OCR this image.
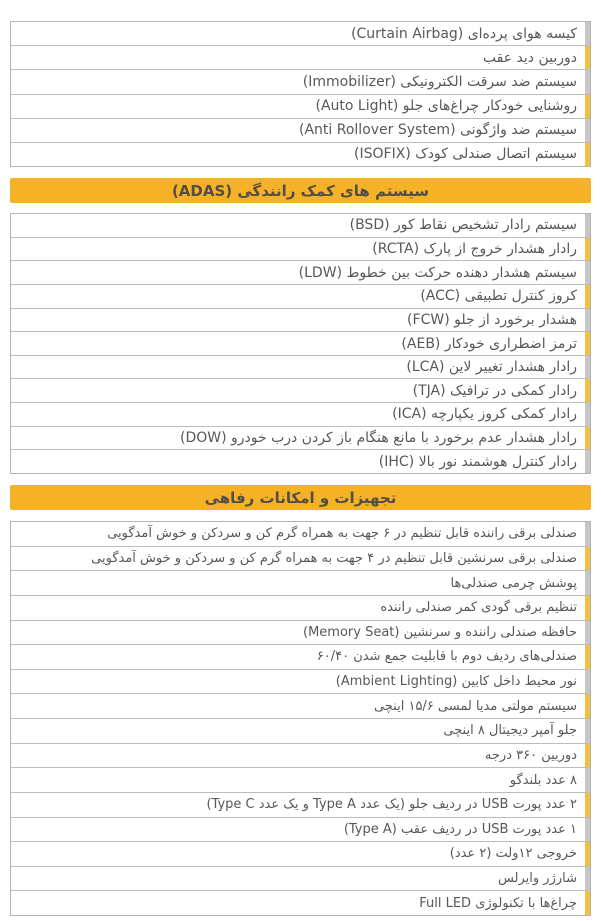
کیسه هوای پرده‌ای (Curtain Airbag)
دوربین دید عقب
سیستم ضد سرقت الکترونیکی (Immobilizer)
روشنایی خودکار چراغ‌های جلو (Auto Light)
سیستم ضد واژگونی (Anti Rollover System)
سیستم اتصال صندلی کودک (ISOFIX)
سیستم های کمک رانندگی (ADAS)
سیستم رادار تشخیص نقاط کور (BSD)
رادار هشدار خروج از پارک (RCTA)
سیستم هشدار دهنده حرکت بین خطوط (LDW)
کروز کنترل تطبیقی (ACC)
هشدار برخورد از جلو (FCW)
ترمز اضطراری خودکار (AEB)
رادار هشدار تغییر لاین (LCA)
رادار کمکی در ترافیک (TJA)
رادار کمکی کروز یکپارچه (ICA)
رادار هشدار عدم برخورد با مانع هنگام باز کردن درب خودرو (DOW)
رادار کنترل هوشمند نور بالا (IHC)
تجهیزات و امکانات رفاهی
صندلی برقی راننده قابل تنظیم در ۶ جهت به همراه گرم کن و سردکن و خوش آمدگویی
صندلی برقی سرنشین قابل تنظیم در ۴ جهت به همراه گرم کن و سردکن و خوش آمدگویی
پوشش چرمی صندلی‌ها
تنظیم برقی گودی کمر صندلی راننده
حافظه صندلی راننده و سرنشین (Memory Seat)
صندلی‌های ردیف دوم با قابلیت جمع شدن ۶۰/۴۰
نور محیط داخل کابین (Ambient Lighting)
سیستم مولتی مدیا لمسی ۱۵/۶ اینچی
جلو آمپر دیجیتال ۸ اینچی
دوربین ۳۶۰ درجه
۸ عدد بلندگو
۲ عدد پورت USB در ردیف جلو (یک عدد Type A و یک عدد Type C)
۱ عدد پورت USB در ردیف عقب (Type A)
خروجی ۱۲ولت (۲ عدد)
شارژر وایرلس
چراغ‌ها با تکنولوژی Full LED
